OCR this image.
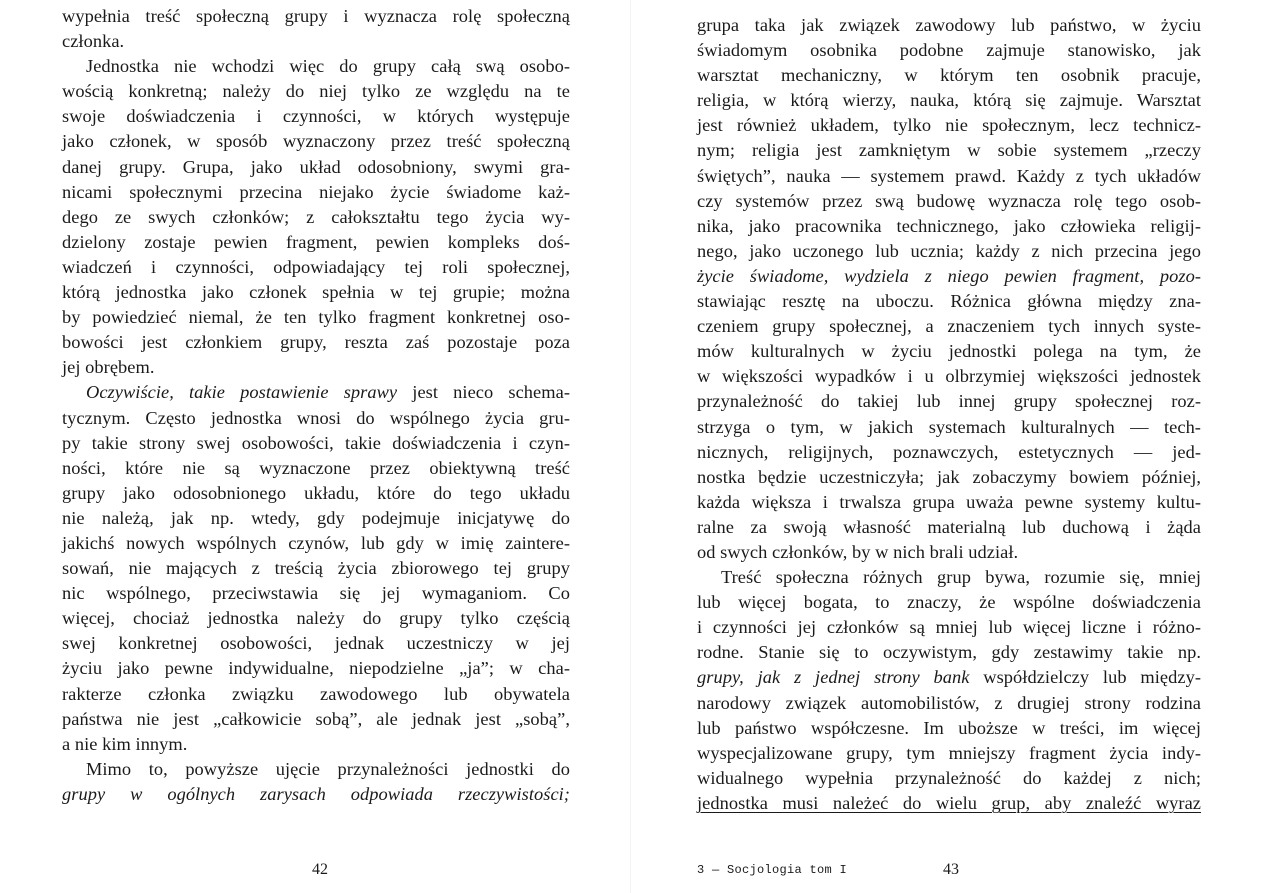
wypełnia treść społeczną grupy i wyznacza rolę społeczną
członka.
Jednostka nie wchodzi więc do grupy całą swą osobo-
wością konkretną; należy do niej tylko ze względu na te
swoje doświadczenia i czynności, w których występuje
jako członek, w sposób wyznaczony przez treść społeczną
danej grupy. Grupa, jako układ odosobniony, swymi gra-
nicami społecznymi przecina niejako życie świadome każ-
dego ze swych członków; z całokształtu tego życia wy-
dzielony zostaje pewien fragment, pewien kompleks doś-
wiadczeń i czynności, odpowiadający tej roli społecznej,
którą jednostka jako członek spełnia w tej grupie; można
by powiedzieć niemal, że ten tylko fragment konkretnej oso-
bowości jest członkiem grupy, reszta zaś pozostaje poza
jej obrębem.
Oczywiście, takie postawienie sprawy jest nieco schema-
tycznym. Często jednostka wnosi do wspólnego życia gru-
py takie strony swej osobowości, takie doświadczenia i czyn-
ności, które nie są wyznaczone przez obiektywną treść
grupy jako odosobnionego układu, które do tego układu
nie należą, jak np. wtedy, gdy podejmuje inicjatywę do
jakichś nowych wspólnych czynów, lub gdy w imię zaintere-
sowań, nie mających z treścią życia zbiorowego tej grupy
nic wspólnego, przeciwstawia się jej wymaganiom. Co
więcej, chociaż jednostka należy do grupy tylko częścią
swej konkretnej osobowości, jednak uczestniczy w jej
życiu jako pewne indywidualne, niepodzielne „ja”; w cha-
rakterze członka związku zawodowego lub obywatela
państwa nie jest „całkowicie sobą”, ale jednak jest „sobą”,
a nie kim innym.
Mimo to, powyższe ujęcie przynależności jednostki do
grupy w ogólnych zarysach odpowiada rzeczywistości;
42
grupa taka jak związek zawodowy lub państwo, w życiu
świadomym osobnika podobne zajmuje stanowisko, jak
warsztat mechaniczny, w którym ten osobnik pracuje,
religia, w którą wierzy, nauka, którą się zajmuje. Warsztat
jest również układem, tylko nie społecznym, lecz technicz-
nym; religia jest zamkniętym w sobie systemem „rzeczy
świętych”, nauka — systemem prawd. Każdy z tych układów
czy systemów przez swą budowę wyznacza rolę tego osob-
nika, jako pracownika technicznego, jako człowieka religij-
nego, jako uczonego lub ucznia; każdy z nich przecina jego
życie świadome, wydziela z niego pewien fragment, pozo-
stawiając resztę na uboczu. Różnica główna między zna-
czeniem grupy społecznej, a znaczeniem tych innych syste-
mów kulturalnych w życiu jednostki polega na tym, że
w większości wypadków i u olbrzymiej większości jednostek
przynależność do takiej lub innej grupy społecznej roz-
strzyga o tym, w jakich systemach kulturalnych — tech-
nicznych, religijnych, poznawczych, estetycznych — jed-
nostka będzie uczestniczyła; jak zobaczymy bowiem później,
każda większa i trwalsza grupa uważa pewne systemy kultu-
ralne za swoją własność materialną lub duchową i żąda
od swych członków, by w nich brali udział.
Treść społeczna różnych grup bywa, rozumie się, mniej
lub więcej bogata, to znaczy, że wspólne doświadczenia
i czynności jej członków są mniej lub więcej liczne i różno-
rodne. Stanie się to oczywistym, gdy zestawimy takie np.
grupy, jak z jednej strony bank współdzielczy lub między-
narodowy związek automobilistów, z drugiej strony rodzina
lub państwo współczesne. Im uboższe w treści, im więcej
wyspecjalizowane grupy, tym mniejszy fragment życia indy-
widualnego wypełnia przynależność do każdej z nich;
jednostka musi należeć do wielu grup, aby znaleźć wyraz
3 — Socjologia tom I	43
